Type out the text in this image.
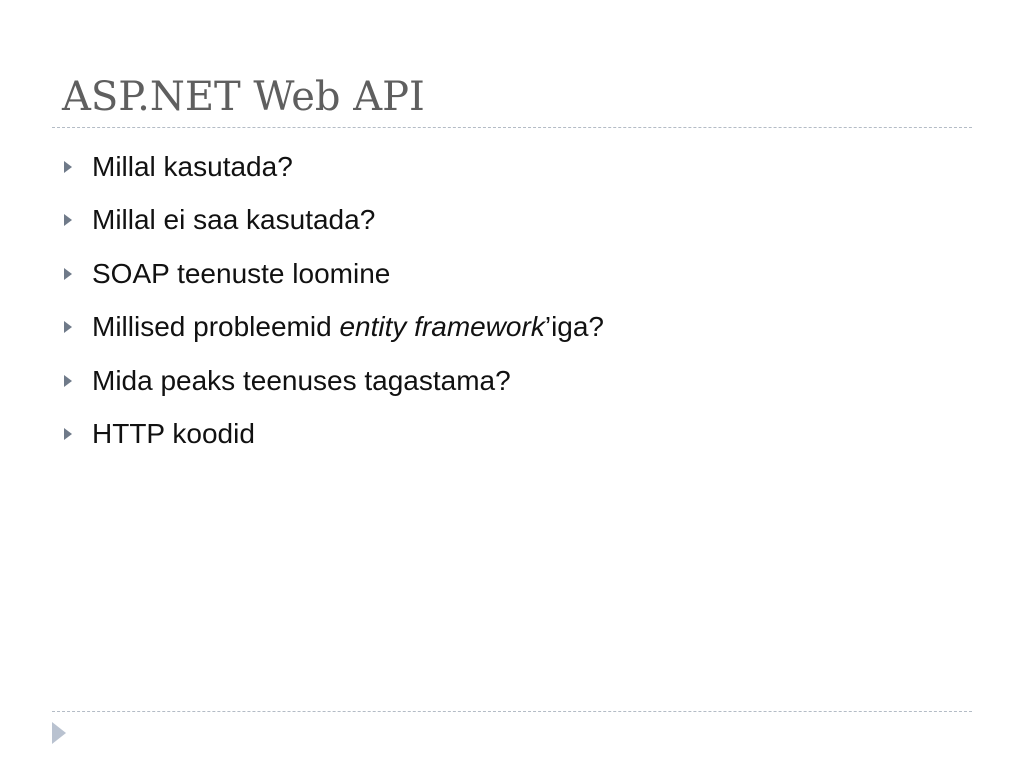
ASP.NET Web API
Millal kasutada?
Millal ei saa kasutada?
SOAP teenuste loomine
Millised probleemid entity framework’iga?
Mida peaks teenuses tagastama?
HTTP koodid
